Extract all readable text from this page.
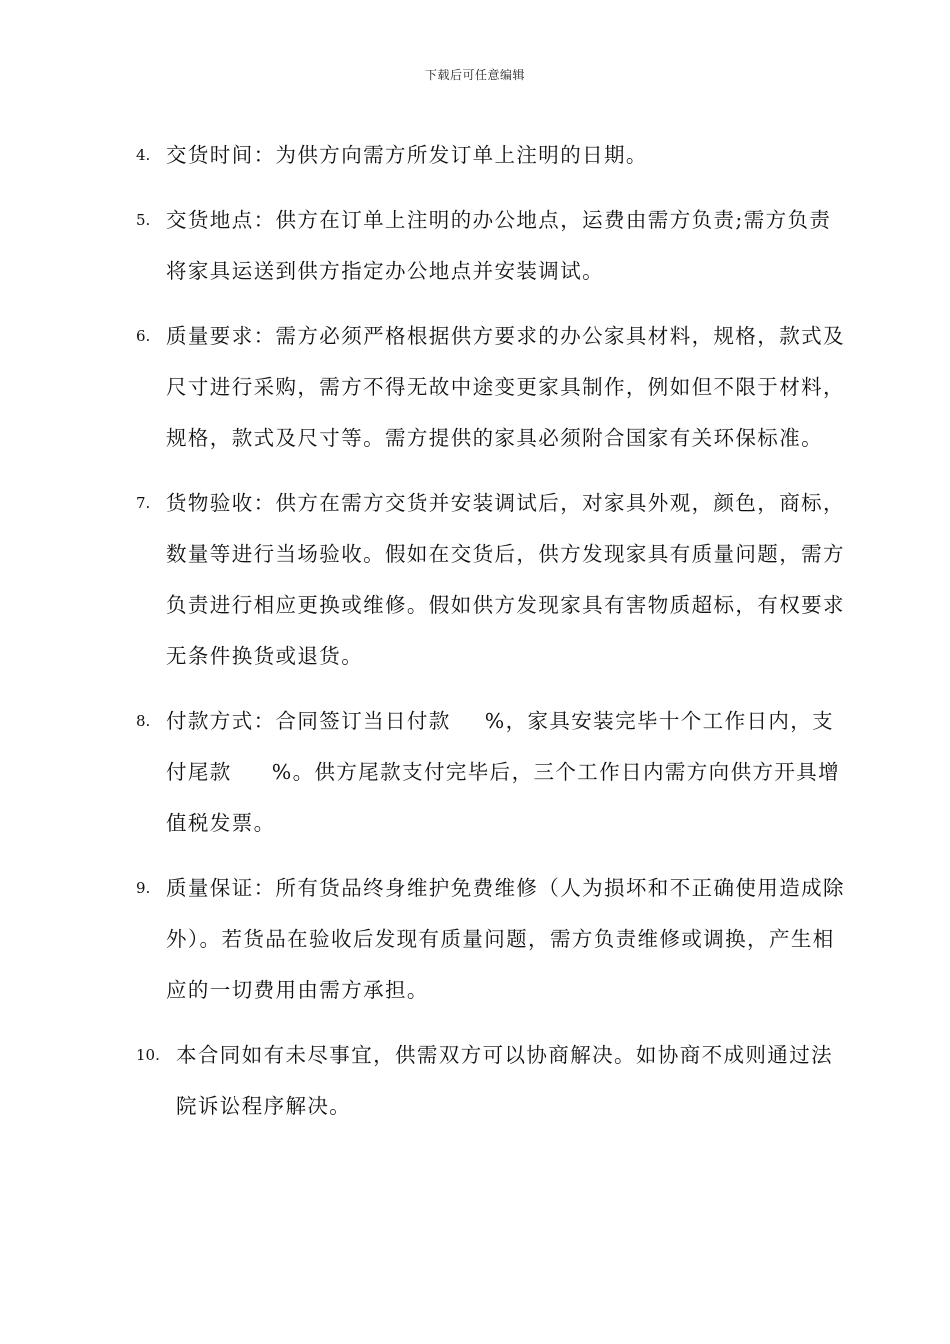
下载后可任意编辑
4. 交货时间：为供方向需方所发订单上注明的日期。
5. 交货地点：供方在订单上注明的办公地点，运费由需方负责;需方负责将家具运送到供方指定办公地点并安装调试。
6. 质量要求：需方必须严格根据供方要求的办公家具材料，规格，款式及尺寸进行采购，需方不得无故中途变更家具制作，例如但不限于材料，规格，款式及尺寸等。需方提供的家具必须附合国家有关环保标准。
7. 货物验收：供方在需方交货并安装调试后，对家具外观，颜色，商标，数量等进行当场验收。假如在交货后，供方发现家具有质量问题，需方负责进行相应更换或维修。假如供方发现家具有害物质超标，有权要求无条件换货或退货。
8. 付款方式：合同签订当日付款 %，家具安装完毕十个工作日内，支付尾款 %。供方尾款支付完毕后，三个工作日内需方向供方开具增值税发票。
9. 质量保证：所有货品终身维护免费维修（人为损坏和不正确使用造成除外）。若货品在验收后发现有质量问题，需方负责维修或调换，产生相应的一切费用由需方承担。
10. 本合同如有未尽事宜，供需双方可以协商解决。如协商不成则通过法院诉讼程序解决。
